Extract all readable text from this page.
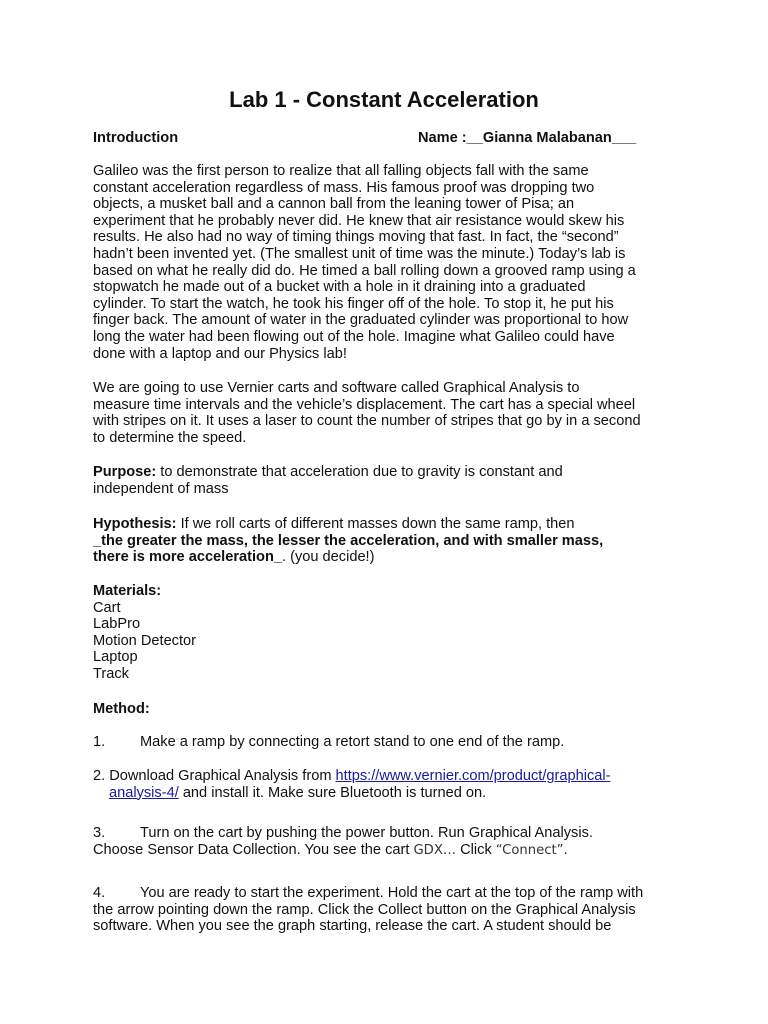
Lab 1 - Constant Acceleration
Introduction	Name :__Gianna Malabanan___
Galileo was the first person to realize that all falling objects fall with the same
constant acceleration regardless of mass. His famous proof was dropping two
objects, a musket ball and a cannon ball from the leaning tower of Pisa; an
experiment that he probably never did. He knew that air resistance would skew his
results. He also had no way of timing things moving that fast. In fact, the “second”
hadn’t been invented yet. (The smallest unit of time was the minute.) Today’s lab is
based on what he really did do. He timed a ball rolling down a grooved ramp using a
stopwatch he made out of a bucket with a hole in it draining into a graduated
cylinder. To start the watch, he took his finger off of the hole. To stop it, he put his
finger back. The amount of water in the graduated cylinder was proportional to how
long the water had been flowing out of the hole. Imagine what Galileo could have
done with a laptop and our Physics lab!
We are going to use Vernier carts and software called Graphical Analysis to
measure time intervals and the vehicle’s displacement. The cart has a special wheel
with stripes on it. It uses a laser to count the number of stripes that go by in a second
to determine the speed.
Purpose: to demonstrate that acceleration due to gravity is constant and
independent of mass
Hypothesis: If we roll carts of different masses down the same ramp, then
_the greater the mass, the lesser the acceleration, and with smaller mass,
there is more acceleration_. (you decide!)
Materials:
Cart
LabPro
Motion Detector
Laptop
Track
Method:
1. Make a ramp by connecting a retort stand to one end of the ramp.
2. Download Graphical Analysis from https://www.vernier.com/product/graphical-
analysis-4/ and install it. Make sure Bluetooth is turned on.
3. Turn on the cart by pushing the power button. Run Graphical Analysis.
Choose Sensor Data Collection. You see the cart GDX… Click “Connect”.
4. You are ready to start the experiment. Hold the cart at the top of the ramp with
the arrow pointing down the ramp. Click the Collect button on the Graphical Analysis
software. When you see the graph starting, release the cart. A student should be
